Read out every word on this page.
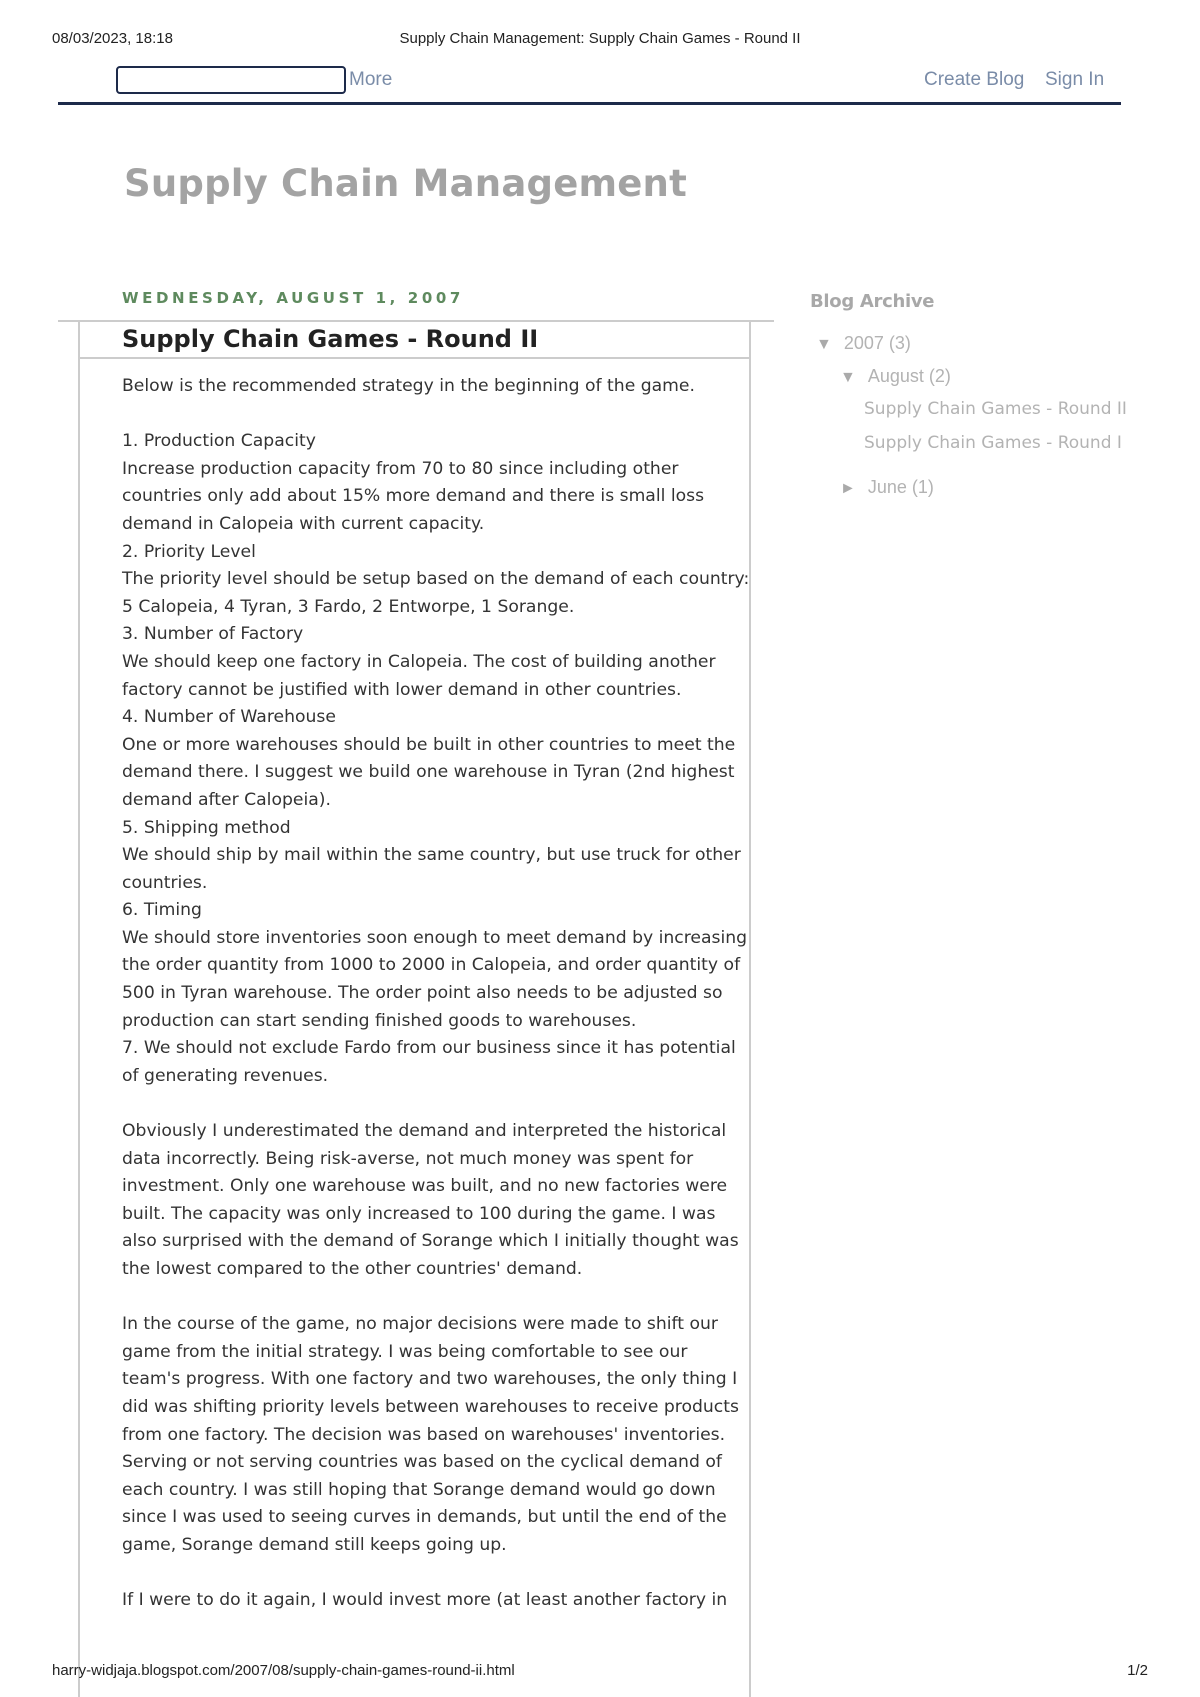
08/03/2023, 18:18	Supply Chain Management: Supply Chain Games - Round II
More	Create Blog Sign In
Supply Chain Management
WEDNESDAY, AUGUST 1, 2007
Supply Chain Games - Round II
Below is the recommended strategy in the beginning of the game.
1. Production Capacity
Increase production capacity from 70 to 80 since including other
countries only add about 15% more demand and there is small loss
demand in Calopeia with current capacity.
2. Priority Level
The priority level should be setup based on the demand of each country:
5 Calopeia, 4 Tyran, 3 Fardo, 2 Entworpe, 1 Sorange.
3. Number of Factory
We should keep one factory in Calopeia. The cost of building another
factory cannot be justified with lower demand in other countries.
4. Number of Warehouse
One or more warehouses should be built in other countries to meet the
demand there. I suggest we build one warehouse in Tyran (2nd highest
demand after Calopeia).
5. Shipping method
We should ship by mail within the same country, but use truck for other
countries.
6. Timing
We should store inventories soon enough to meet demand by increasing
the order quantity from 1000 to 2000 in Calopeia, and order quantity of
500 in Tyran warehouse. The order point also needs to be adjusted so
production can start sending finished goods to warehouses.
7. We should not exclude Fardo from our business since it has potential
of generating revenues.
Obviously I underestimated the demand and interpreted the historical
data incorrectly. Being risk-averse, not much money was spent for
investment. Only one warehouse was built, and no new factories were
built. The capacity was only increased to 100 during the game. I was
also surprised with the demand of Sorange which I initially thought was
the lowest compared to the other countries' demand.
In the course of the game, no major decisions were made to shift our
game from the initial strategy. I was being comfortable to see our
team's progress. With one factory and two warehouses, the only thing I
did was shifting priority levels between warehouses to receive products
from one factory. The decision was based on warehouses' inventories.
Serving or not serving countries was based on the cyclical demand of
each country. I was still hoping that Sorange demand would go down
since I was used to seeing curves in demands, but until the end of the
game, Sorange demand still keeps going up.
If I were to do it again, I would invest more (at least another factory in
Blog Archive
▼ 2007 (3)
▼ August (2)
Supply Chain Games - Round II
Supply Chain Games - Round I
► June (1)
harry-widjaja.blogspot.com/2007/08/supply-chain-games-round-ii.html	1/2
